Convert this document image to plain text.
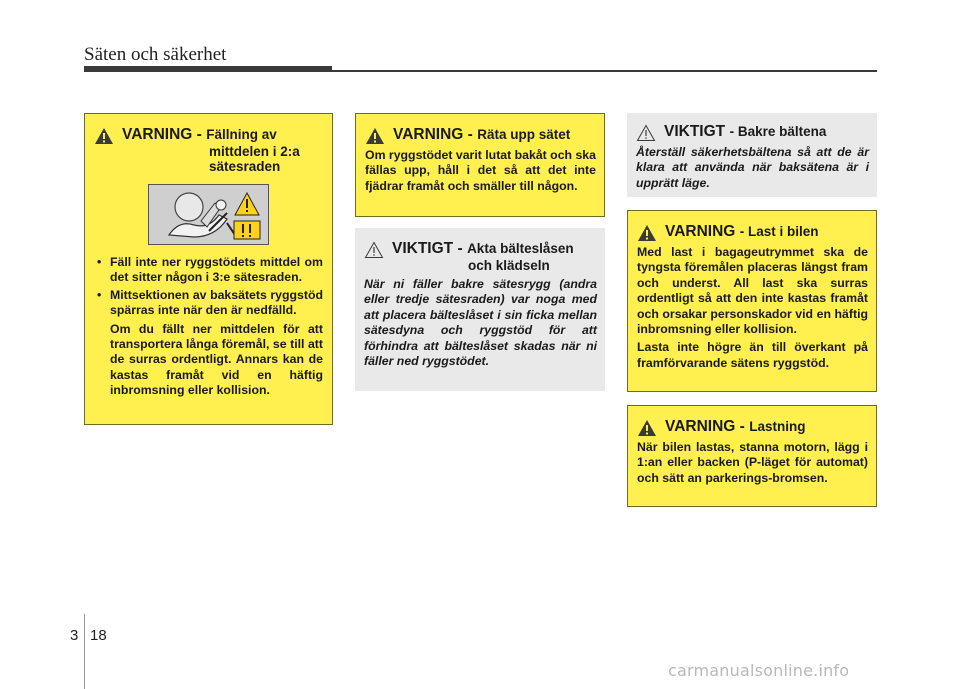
Säten och säkerhet
VARNING - Fällning av
mittdelen i 2:a
sätesraden
• Fäll inte ner ryggstödets mittdel om det sitter någon i 3:e sätesraden.
• Mittsektionen av baksätets ryggstöd spärras inte när den är nedfälld.
Om du fällt ner mittdelen för att transportera långa föremål, se till att de surras ordentligt. Annars kan de kastas framåt vid en häftig inbromsning eller kollision.
VARNING - Räta upp sätet
Om ryggstödet varit lutat bakåt och ska fällas upp, håll i det så att det inte fjädrar framåt och smäller till någon.
VIKTIGT - Akta bälteslåsen
och klädseln
När ni fäller bakre sätesrygg (andra eller tredje sätesraden) var noga med att placera bälteslåset i sin ficka mellan sätesdyna och ryggstöd för att förhindra att bälteslåset skadas när ni fäller ned ryggstödet.
VIKTIGT - Bakre bältena
Återställ säkerhetsbältena så att de är klara att använda när baksätena är i upprätt läge.
VARNING - Last i bilen
Med last i bagageutrymmet ska de tyngsta föremålen placeras längst fram och underst. All last ska surras ordentligt så att den inte kastas framåt och orsakar personskador vid en häftig inbromsning eller kollision.
Lasta inte högre än till överkant på framförvarande sätens ryggstöd.
VARNING - Lastning
När bilen lastas, stanna motorn, lägg i 1:an eller backen (P-läget för automat) och sätt an parkerings-bromsen.
3 18
carmanualsonline.info
